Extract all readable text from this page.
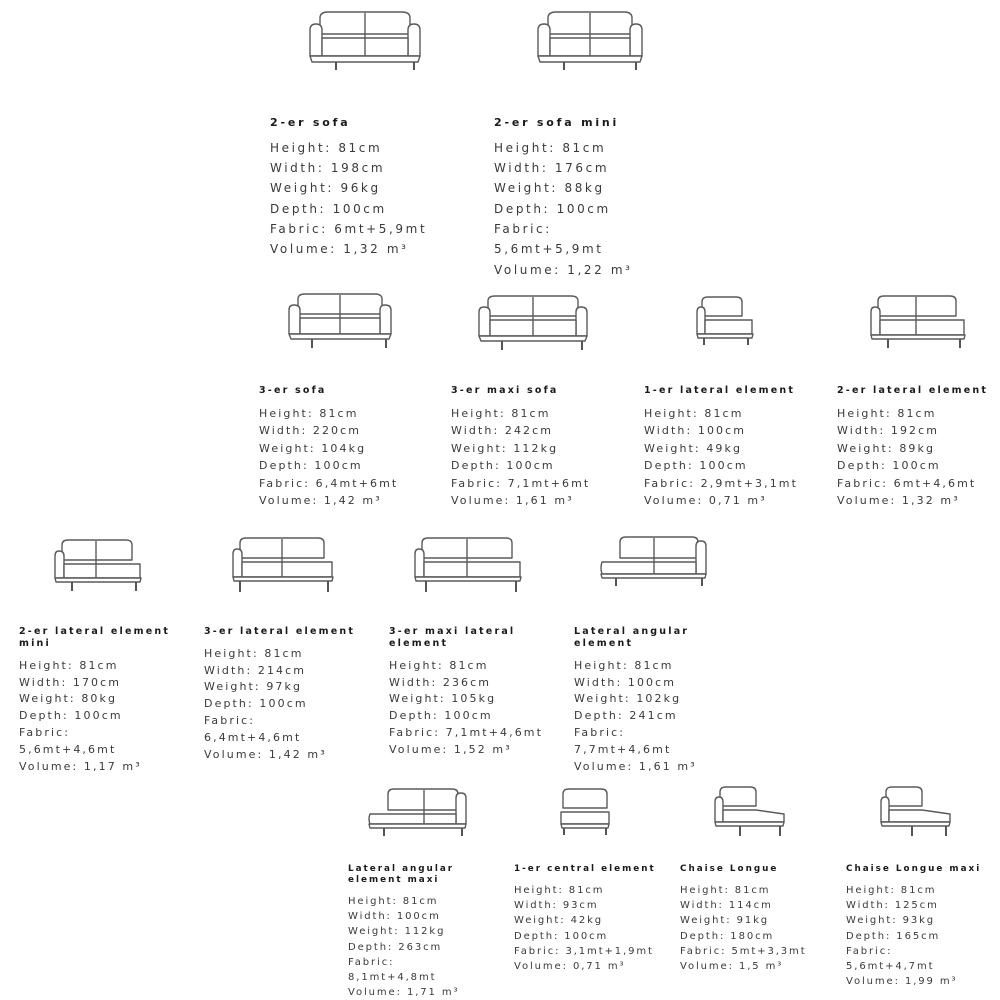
2-er sofa
Height: 81cm
Width: 198cm
Weight: 96kg
Depth: 100cm
Fabric: 6mt+5,9mt
Volume: 1,32 m³
2-er sofa mini
Height: 81cm
Width: 176cm
Weight: 88kg
Depth: 100cm
Fabric: 5,6mt+5,9mt
Volume: 1,22 m³
3-er sofa
Height: 81cm
Width: 220cm
Weight: 104kg
Depth: 100cm
Fabric: 6,4mt+6mt
Volume: 1,42 m³
3-er maxi sofa
Height: 81cm
Width: 242cm
Weight: 112kg
Depth: 100cm
Fabric: 7,1mt+6mt
Volume: 1,61 m³
1-er lateral element
Height: 81cm
Width: 100cm
Weight: 49kg
Depth: 100cm
Fabric: 2,9mt+3,1mt
Volume: 0,71 m³
2-er lateral element
Height: 81cm
Width: 192cm
Weight: 89kg
Depth: 100cm
Fabric: 6mt+4,6mt
Volume: 1,32 m³
2-er lateral element mini
Height: 81cm
Width: 170cm
Weight: 80kg
Depth: 100cm
Fabric: 5,6mt+4,6mt
Volume: 1,17 m³
3-er lateral element
Height: 81cm
Width: 214cm
Weight: 97kg
Depth: 100cm
Fabric: 6,4mt+4,6mt
Volume: 1,42 m³
3-er maxi lateral element
Height: 81cm
Width: 236cm
Weight: 105kg
Depth: 100cm
Fabric: 7,1mt+4,6mt
Volume: 1,52 m³
Lateral angular element
Height: 81cm
Width: 100cm
Weight: 102kg
Depth: 241cm
Fabric: 7,7mt+4,6mt
Volume: 1,61 m³
Lateral angular element maxi
Height: 81cm
Width: 100cm
Weight: 112kg
Depth: 263cm
Fabric: 8,1mt+4,8mt
Volume: 1,71 m³
1-er central element
Height: 81cm
Width: 93cm
Weight: 42kg
Depth: 100cm
Fabric: 3,1mt+1,9mt
Volume: 0,71 m³
Chaise Longue
Height: 81cm
Width: 114cm
Weight: 91kg
Depth: 180cm
Fabric: 5mt+3,3mt
Volume: 1,5 m³
Chaise Longue maxi
Height: 81cm
Width: 125cm
Weight: 93kg
Depth: 165cm
Fabric: 5,6mt+4,7mt
Volume: 1,99 m³
